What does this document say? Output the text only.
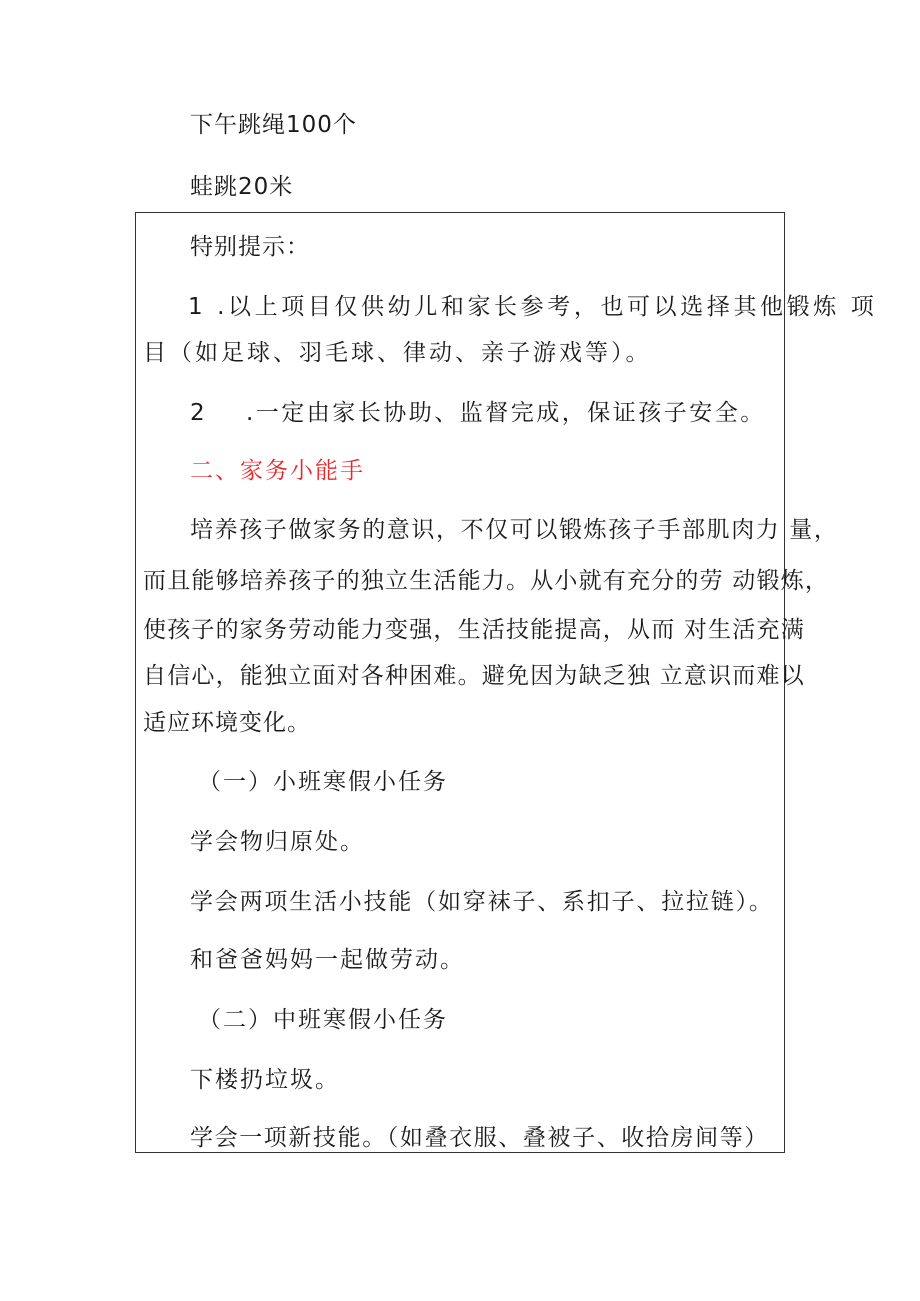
下午跳绳100个
蛙跳20米
特别提示：
1 .以上项目仅供幼儿和家长参考，也可以选择其他锻炼 项
目（如足球、羽毛球、律动、亲子游戏等）。
2 .一定由家长协助、监督完成，保证孩子安全。
二、家务小能手
培养孩子做家务的意识，不仅可以锻炼孩子手部肌肉力 量，
而且能够培养孩子的独立生活能力。从小就有充分的劳 动锻炼，
使孩子的家务劳动能力变强，生活技能提高，从而 对生活充满
自信心，能独立面对各种困难。避免因为缺乏独 立意识而难以
适应环境变化。
（一）小班寒假小任务
学会物归原处。
学会两项生活小技能（如穿袜子、系扣子、拉拉链）。
和爸爸妈妈一起做劳动。
（二）中班寒假小任务
下楼扔垃圾。
学会一项新技能。（如叠衣服、叠被子、收拾房间等）
